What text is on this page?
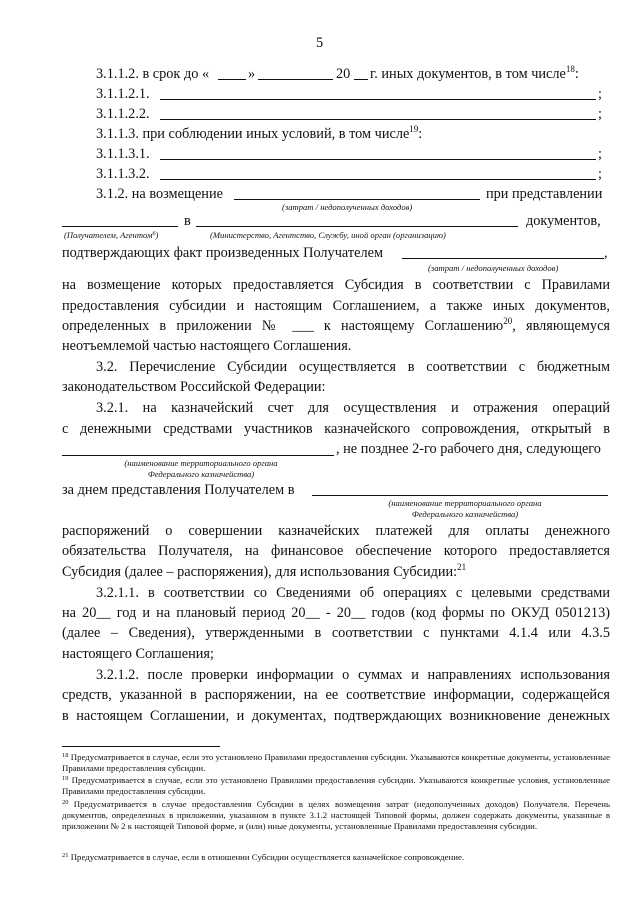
5
3.1.1.2. в срок до «	»	20 г. иных документов, в том числе$^{18}$:
3.1.1.2.1.	;
3.1.1.2.2.	;
3.1.1.3. при соблюдении иных условий, в том числе$^{19}$:
3.1.1.3.1.	;
3.1.1.3.2.	;
3.1.2. на возмещение	при представлении
(затрат / недополученных доходов)
в	документов,
(Получателем, Агентом$^6$)	(Министерство, Агентство, Службу, иной орган (организацию)
подтверждающих факт произведенных Получателем	,
(затрат / недополученных доходов)
на возмещение которых предоставляется Субсидия в соответствии с Правилами
предоставления субсидии и настоящим Соглашением, а также иных документов,
определенных в приложении № ___ к настоящему Соглашению$^{20}$, являющемуся
неотъемлемой частью настоящего Соглашения.
3.2. Перечисление Субсидии осуществляется в соответствии с бюджетным
законодательством Российской Федерации:
3.2.1. на казначейский счет для осуществления и отражения операций
с денежными средствами участников казначейского сопровождения, открытый в
, не позднее 2-го рабочего дня, следующего
(наименование территориального органа
Федерального казначейства)
за днем представления Получателем в
(наименование территориального органа
Федерального казначейства)
распоряжений о совершении казначейских платежей для оплаты денежного
обязательства Получателя, на финансовое обеспечение которого предоставляется
Субсидия (далее – распоряжения), для использования Субсидии:$^{21}$
3.2.1.1. в соответствии со Сведениями об операциях с целевыми средствами
на 20__ год и на плановый период 20__ - 20__ годов (код формы по ОКУД 0501213)
(далее – Сведения), утвержденными в соответствии с пунктами 4.1.4 или 4.3.5
настоящего Соглашения;
3.2.1.2. после проверки информации о суммах и направлениях использования
средств, указанной в распоряжении, на ее соответствие информации, содержащейся
в настоящем Соглашении, и документах, подтверждающих возникновение денежных
$^{18}$ Предусматривается в случае, если это установлено Правилами предоставления субсидии. Указываются конкретные документы, установленные Правилами предоставления субсидии.
$^{19}$ Предусматривается в случае, если это установлено Правилами предоставления субсидии. Указываются конкретные условия, установленные Правилами предоставления субсидии.
$^{20}$ Предусматривается в случае предоставления Субсидии в целях возмещения затрат (недополученных доходов) Получателя. Перечень документов, определенных в приложении, указанном в пункте 3.1.2 настоящей Типовой формы, должен содержать документы, указанные в приложении № 2 к настоящей Типовой форме, и (или) иные документы, установленные Правилами предоставления субсидии.
$^{21}$ Предусматривается в случае, если в отношении Субсидии осуществляется казначейское сопровождение.
